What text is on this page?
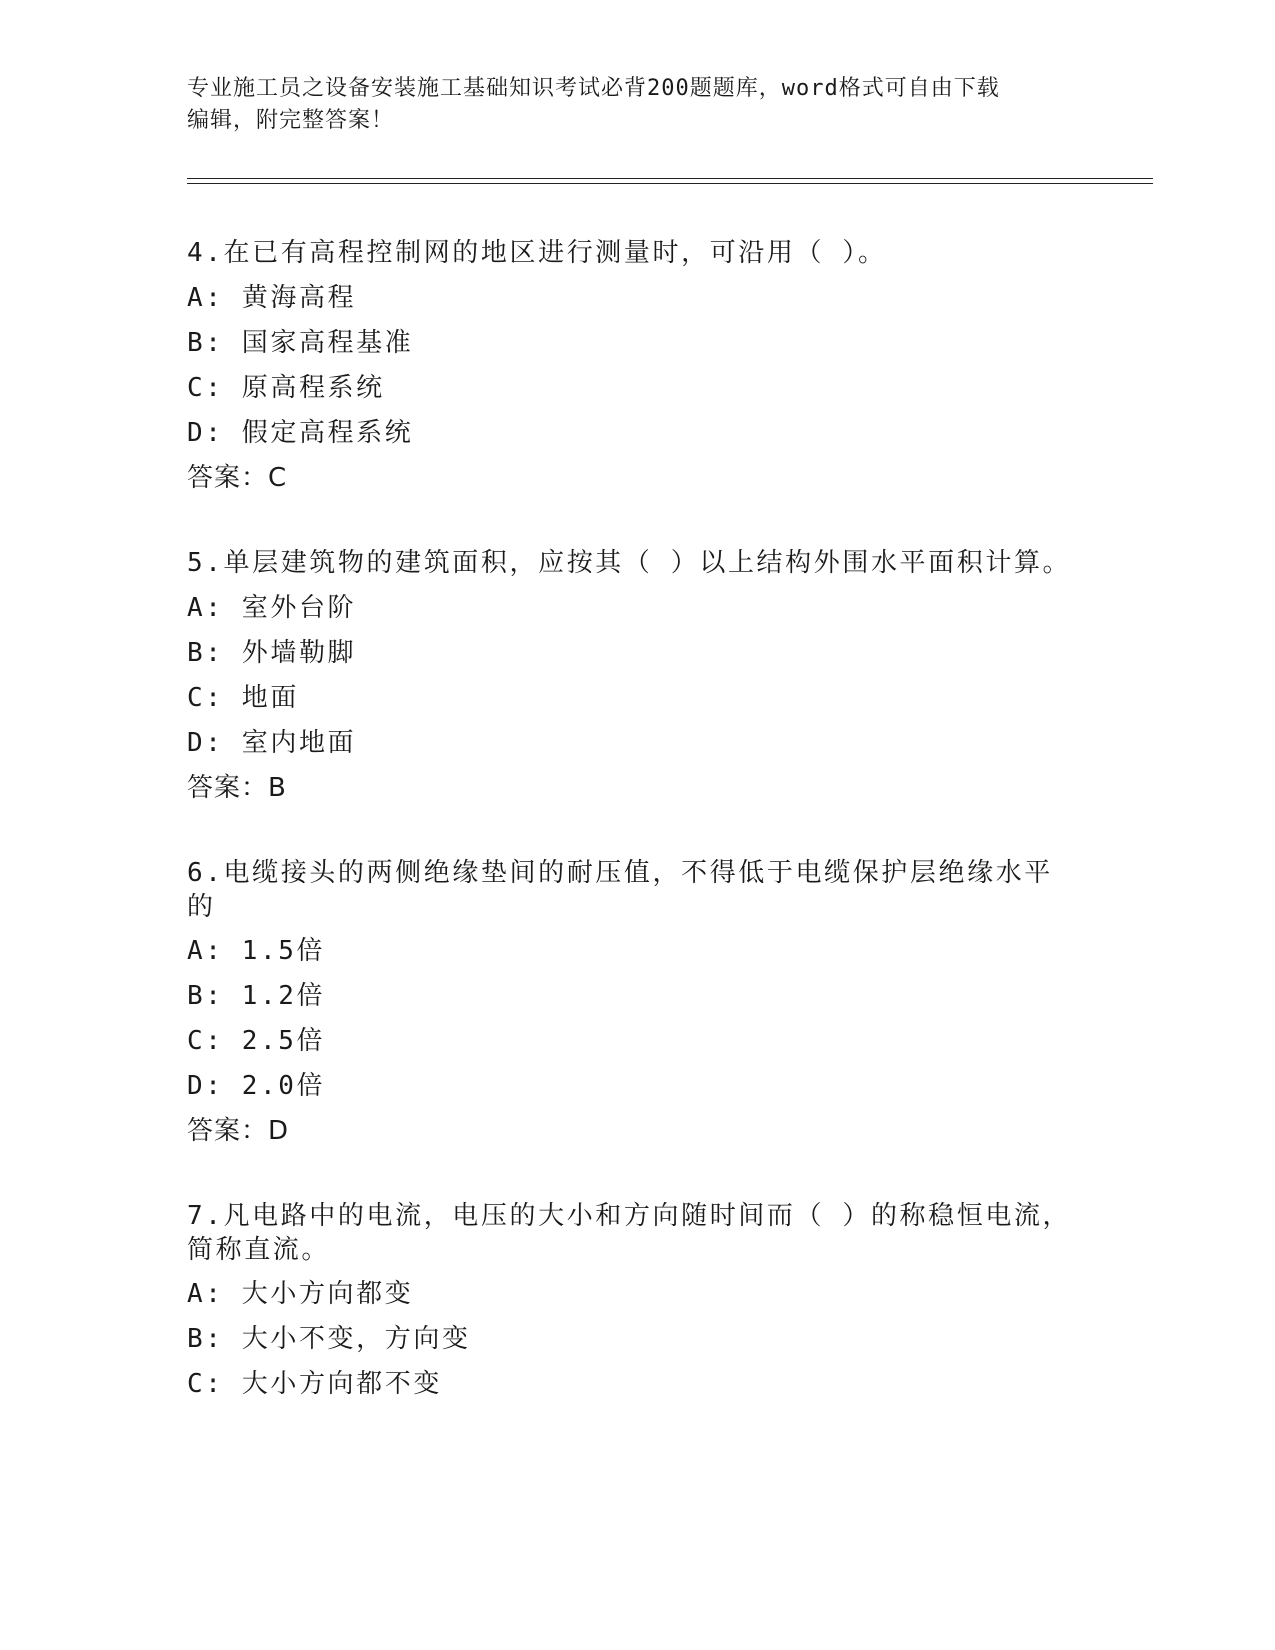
专业施工员之设备安装施工基础知识考试必背200题题库，word格式可自由下载
编辑，附完整答案！
4.在已有高程控制网的地区进行测量时，可沿用（ ）。
A: 黄海高程
B: 国家高程基准
C: 原高程系统
D: 假定高程系统
答案：C
5.单层建筑物的建筑面积，应按其（ ）以上结构外围水平面积计算。
A: 室外台阶
B: 外墙勒脚
C: 地面
D: 室内地面
答案：B
6.电缆接头的两侧绝缘垫间的耐压值，不得低于电缆保护层绝缘水平
的
A: 1.5倍
B: 1.2倍
C: 2.5倍
D: 2.0倍
答案：D
7.凡电路中的电流，电压的大小和方向随时间而（ ）的称稳恒电流，
简称直流。
A: 大小方向都变
B: 大小不变，方向变
C: 大小方向都不变
